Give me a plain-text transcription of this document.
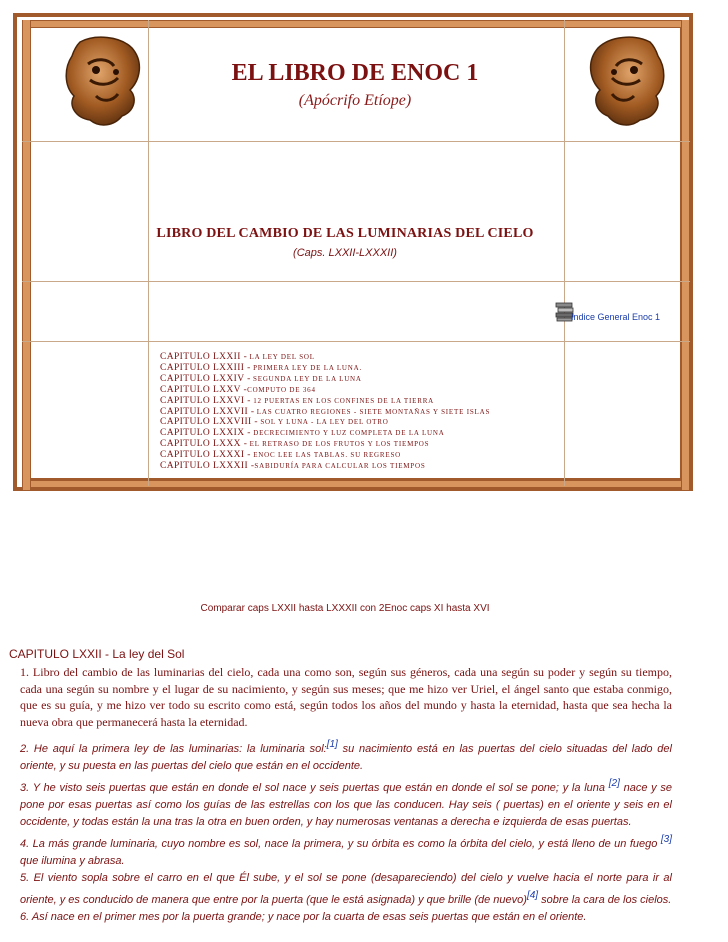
EL LIBRO DE ENOC 1
(Apócrifo Etíope)
LIBRO DEL CAMBIO DE LAS LUMINARIAS DEL CIELO
(Caps. LXXII-LXXXII)
Indice General Enoc 1
CAPITULO LXXII - LA LEY DEL SOL
CAPITULO LXXIII - PRIMERA LEY DE LA LUNA.
CAPITULO LXXIV - SEGUNDA LEY DE LA LUNA
CAPITULO LXXV -COMPUTO DE 364
CAPITULO LXXVI - 12 PUERTAS EN LOS CONFINES DE LA TIERRA
CAPITULO LXXVII - LAS CUATRO REGIONES - SIETE MONTAÑAS Y SIETE ISLAS
CAPITULO LXXVIII - SOL Y LUNA - LA LEY DEL OTRO
CAPITULO LXXIX - DECRECIMIENTO Y LUZ COMPLETA DE LA LUNA
CAPITULO LXXX - EL RETRASO DE LOS FRUTOS Y LOS TIEMPOS
CAPITULO LXXXI - ENOC LEE LAS TABLAS. SU REGRESO
CAPITULO LXXXII -SABIDURÍA PARA CALCULAR LOS TIEMPOS
Comparar caps LXXII hasta LXXXII con 2Enoc caps XI hasta XVI
CAPITULO LXXII - La ley del Sol
1. Libro del cambio de las luminarias del cielo, cada una como son, según sus géneros, cada una según su poder y según su tiempo, cada una según su nombre y el lugar de su nacimiento, y según sus meses; que me hizo ver Uriel, el ángel santo que estaba conmigo, que es su guía, y me hizo ver todo su escrito como está, según todos los años del mundo y hasta la eternidad, hasta que sea hecha la nueva obra que permanecerá hasta la eternidad.
2. He aquí la primera ley de las luminarias: la luminaria sol:[1] su nacimiento está en las puertas del cielo situadas del lado del oriente, y su puesta en las puertas del cielo que están en el occidente.
3. Y he visto seis puertas que están en donde el sol nace y seis puertas que están en donde el sol se pone; y la luna [2] nace y se pone por esas puertas así como los guías de las estrellas con los que las conducen. Hay seis ( puertas) en el oriente y seis en el occidente, y todas están la una tras la otra en buen orden, y hay numerosas ventanas a derecha e izquierda de esas puertas.
4. La más grande luminaria, cuyo nombre es sol, nace la primera, y su órbita es como la órbita del cielo, y está lleno de un fuego [3] que ilumina y abrasa.
5. El viento sopla sobre el carro en el que Él sube, y el sol se pone (desapareciendo) del cielo y vuelve hacia el norte para ir al oriente, y es conducido de manera que entre por la puerta (que le está asignada) y que brille (de nuevo)[4] sobre la cara de los cielos.
6. Así nace en el primer mes por la puerta grande; y nace por la cuarta de esas seis puertas que están en el oriente.
